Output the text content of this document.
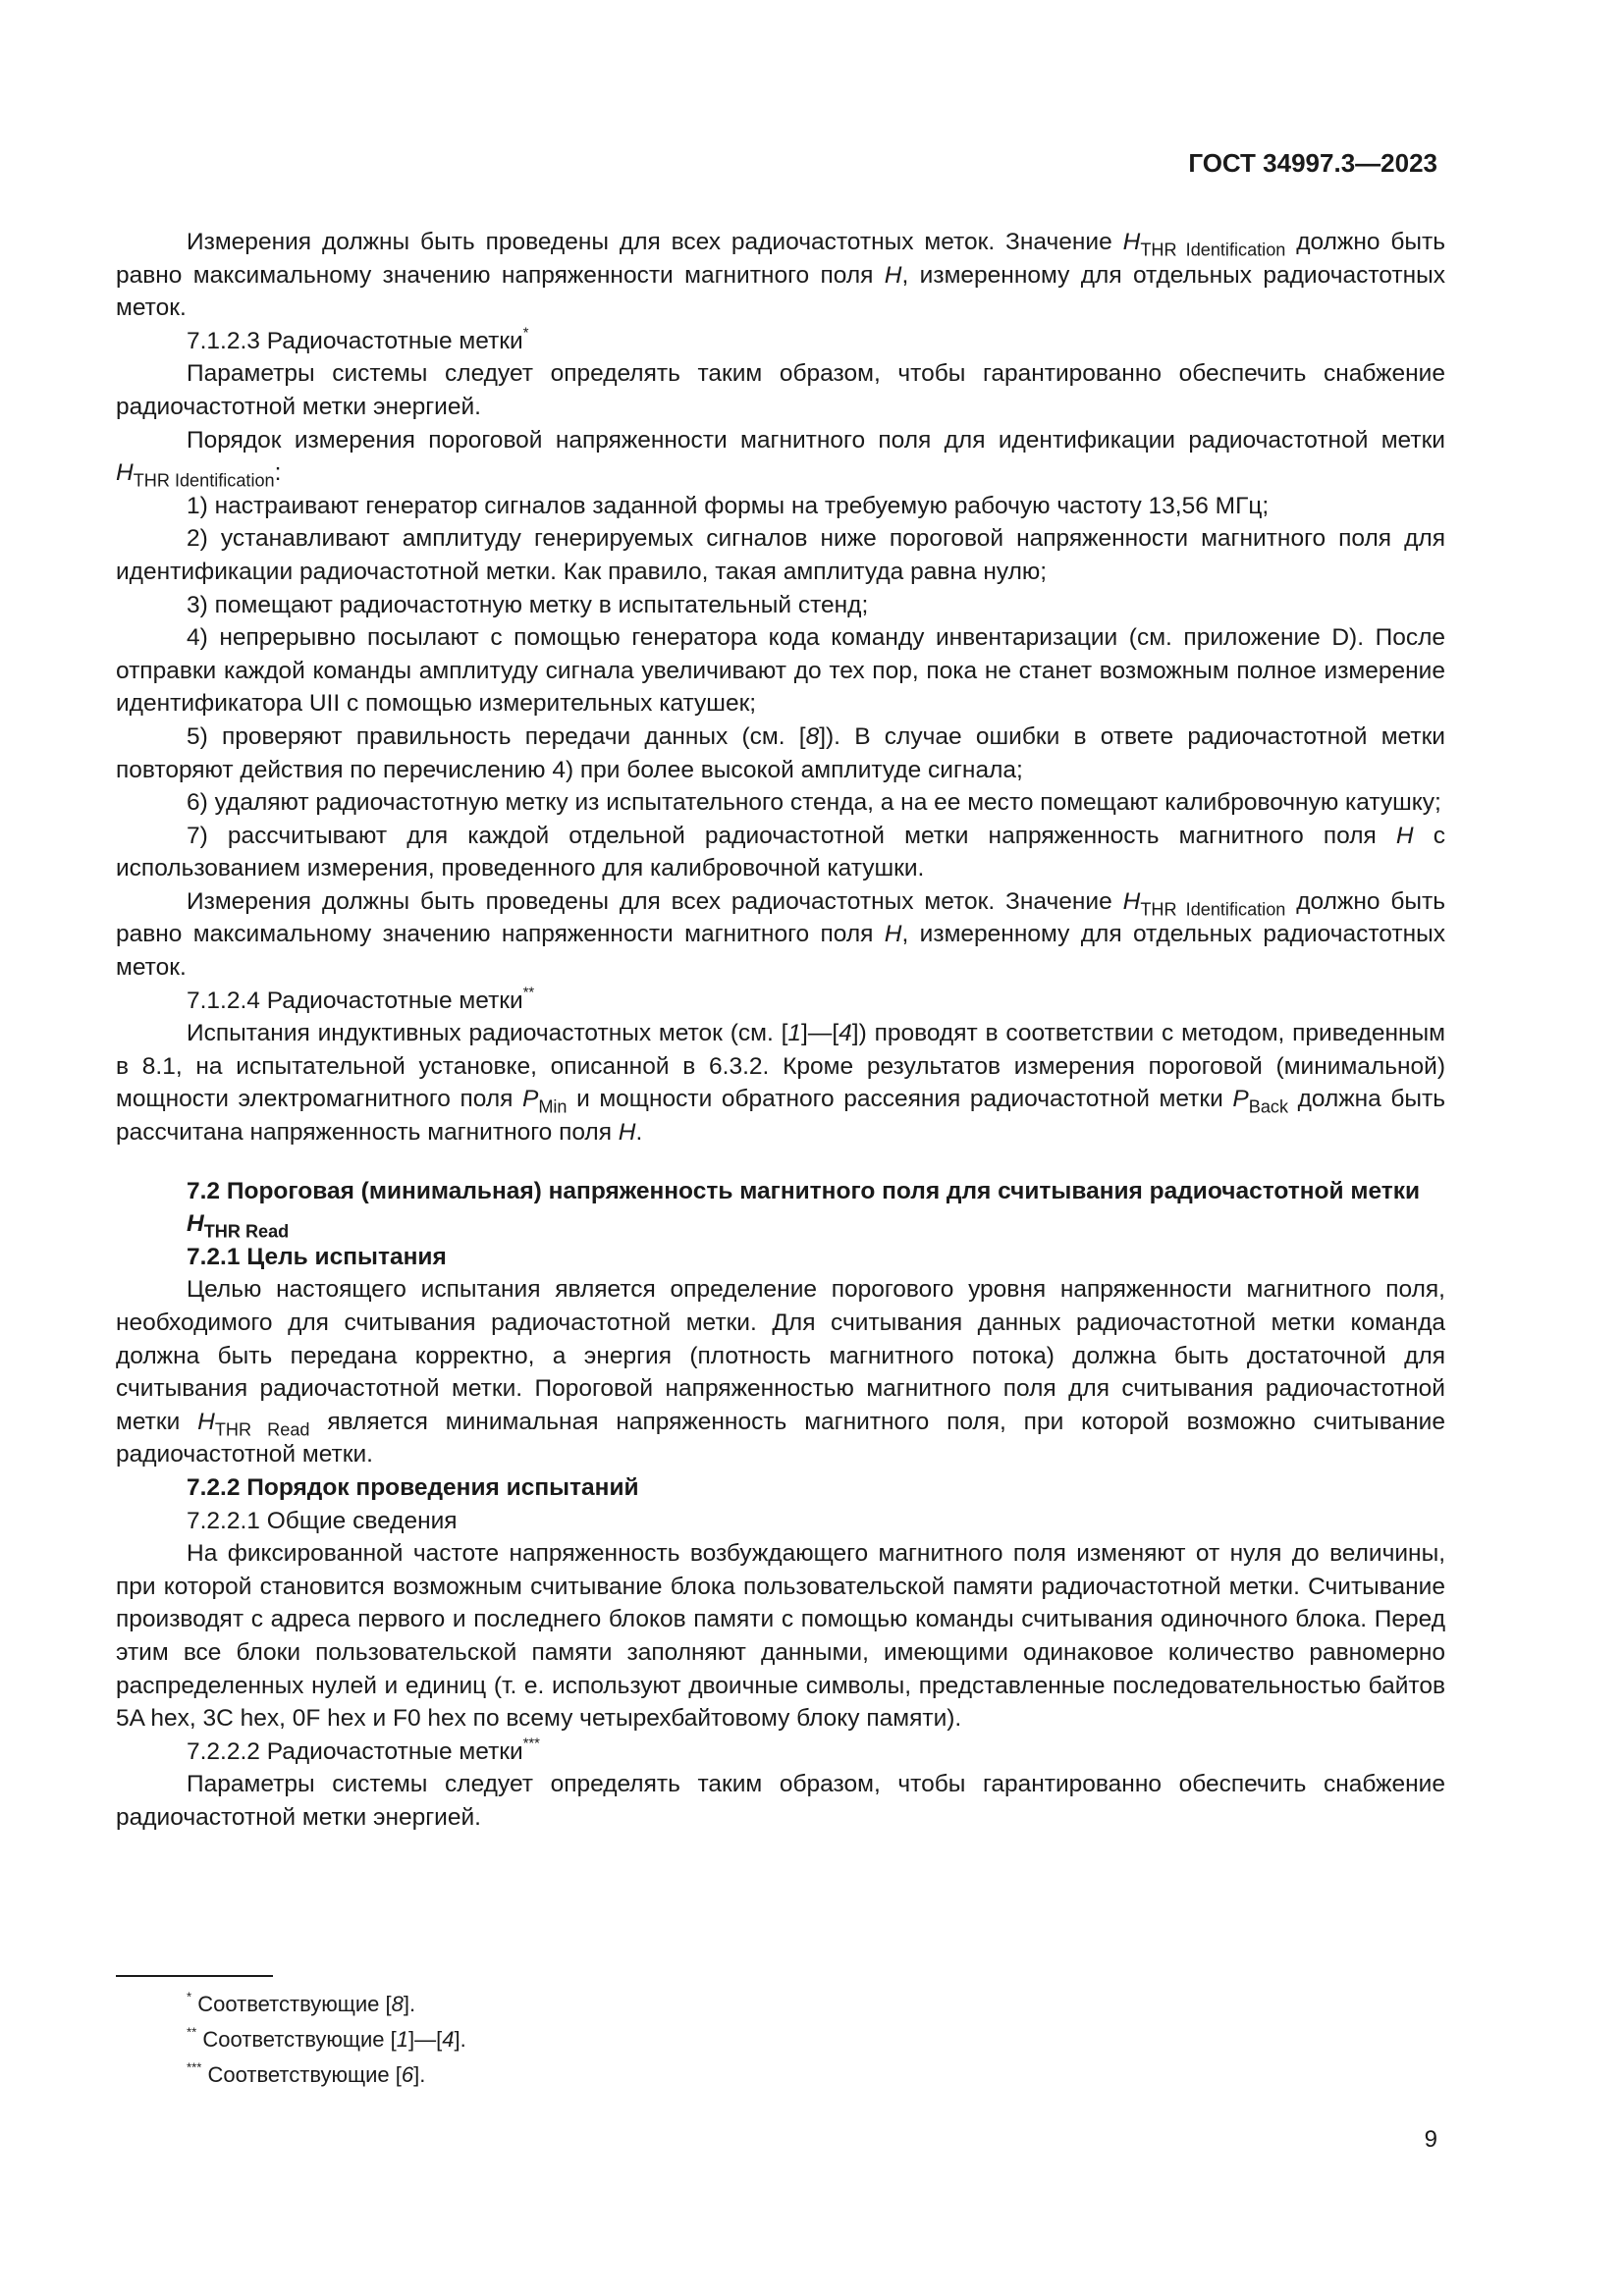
ГОСТ 34997.3—2023

Измерения должны быть проведены для всех радиочастотных меток. Значение $H_{THR Identification}$ должно быть равно максимальному значению напряженности магнитного поля H, измеренному для отдельных радиочастотных меток.

7.1.2.3 Радиочастотные метки*

Параметры системы следует определять таким образом, чтобы гарантированно обеспечить снабжение радиочастотной метки энергией.

Порядок измерения пороговой напряженности магнитного поля для идентификации радиочастотной метки $H_{THR Identification}$:

1) настраивают генератор сигналов заданной формы на требуемую рабочую частоту 13,56 МГц;

2) устанавливают амплитуду генерируемых сигналов ниже пороговой напряженности магнитного поля для идентификации радиочастотной метки. Как правило, такая амплитуда равна нулю;

3) помещают радиочастотную метку в испытательный стенд;

4) непрерывно посылают с помощью генератора кода команду инвентаризации (см. приложение D). После отправки каждой команды амплитуду сигнала увеличивают до тех пор, пока не станет возможным полное измерение идентификатора UII с помощью измерительных катушек;

5) проверяют правильность передачи данных (см. [8]). В случае ошибки в ответе радиочастотной метки повторяют действия по перечислению 4) при более высокой амплитуде сигнала;

6) удаляют радиочастотную метку из испытательного стенда, а на ее место помещают калибровочную катушку;

7) рассчитывают для каждой отдельной радиочастотной метки напряженность магнитного поля H с использованием измерения, проведенного для калибровочной катушки.

Измерения должны быть проведены для всех радиочастотных меток. Значение $H_{THR Identification}$ должно быть равно максимальному значению напряженности магнитного поля H, измеренному для отдельных радиочастотных меток.

7.1.2.4 Радиочастотные метки**

Испытания индуктивных радиочастотных меток (см. [1]—[4]) проводят в соответствии с методом, приведенным в 8.1, на испытательной установке, описанной в 6.3.2. Кроме результатов измерения пороговой (минимальной) мощности электромагнитного поля $P_{Min}$ и мощности обратного рассеяния радиочастотной метки $P_{Back}$ должна быть рассчитана напряженность магнитного поля H.

7.2 Пороговая (минимальная) напряженность магнитного поля для считывания радиочастотной метки $H_{THR Read}$

7.2.1 Цель испытания

Целью настоящего испытания является определение порогового уровня напряженности магнитного поля, необходимого для считывания радиочастотной метки. Для считывания данных радиочастотной метки команда должна быть передана корректно, а энергия (плотность магнитного потока) должна быть достаточной для считывания радиочастотной метки. Пороговой напряженностью магнитного поля для считывания радиочастотной метки $H_{THR Read}$ является минимальная напряженность магнитного поля, при которой возможно считывание радиочастотной метки.

7.2.2 Порядок проведения испытаний

7.2.2.1 Общие сведения

На фиксированной частоте напряженность возбуждающего магнитного поля изменяют от нуля до величины, при которой становится возможным считывание блока пользовательской памяти радиочастотной метки. Считывание производят с адреса первого и последнего блоков памяти с помощью команды считывания одиночного блока. Перед этим все блоки пользовательской памяти заполняют данными, имеющими одинаковое количество равномерно распределенных нулей и единиц (т. е. используют двоичные символы, представленные последовательностью байтов 5A hex, 3C hex, 0F hex и F0 hex по всему четырехбайтовому блоку памяти).

7.2.2.2 Радиочастотные метки***

Параметры системы следует определять таким образом, чтобы гарантированно обеспечить снабжение радиочастотной метки энергией.

* Соответствующие [8].
** Соответствующие [1]—[4].
*** Соответствующие [6].
9
